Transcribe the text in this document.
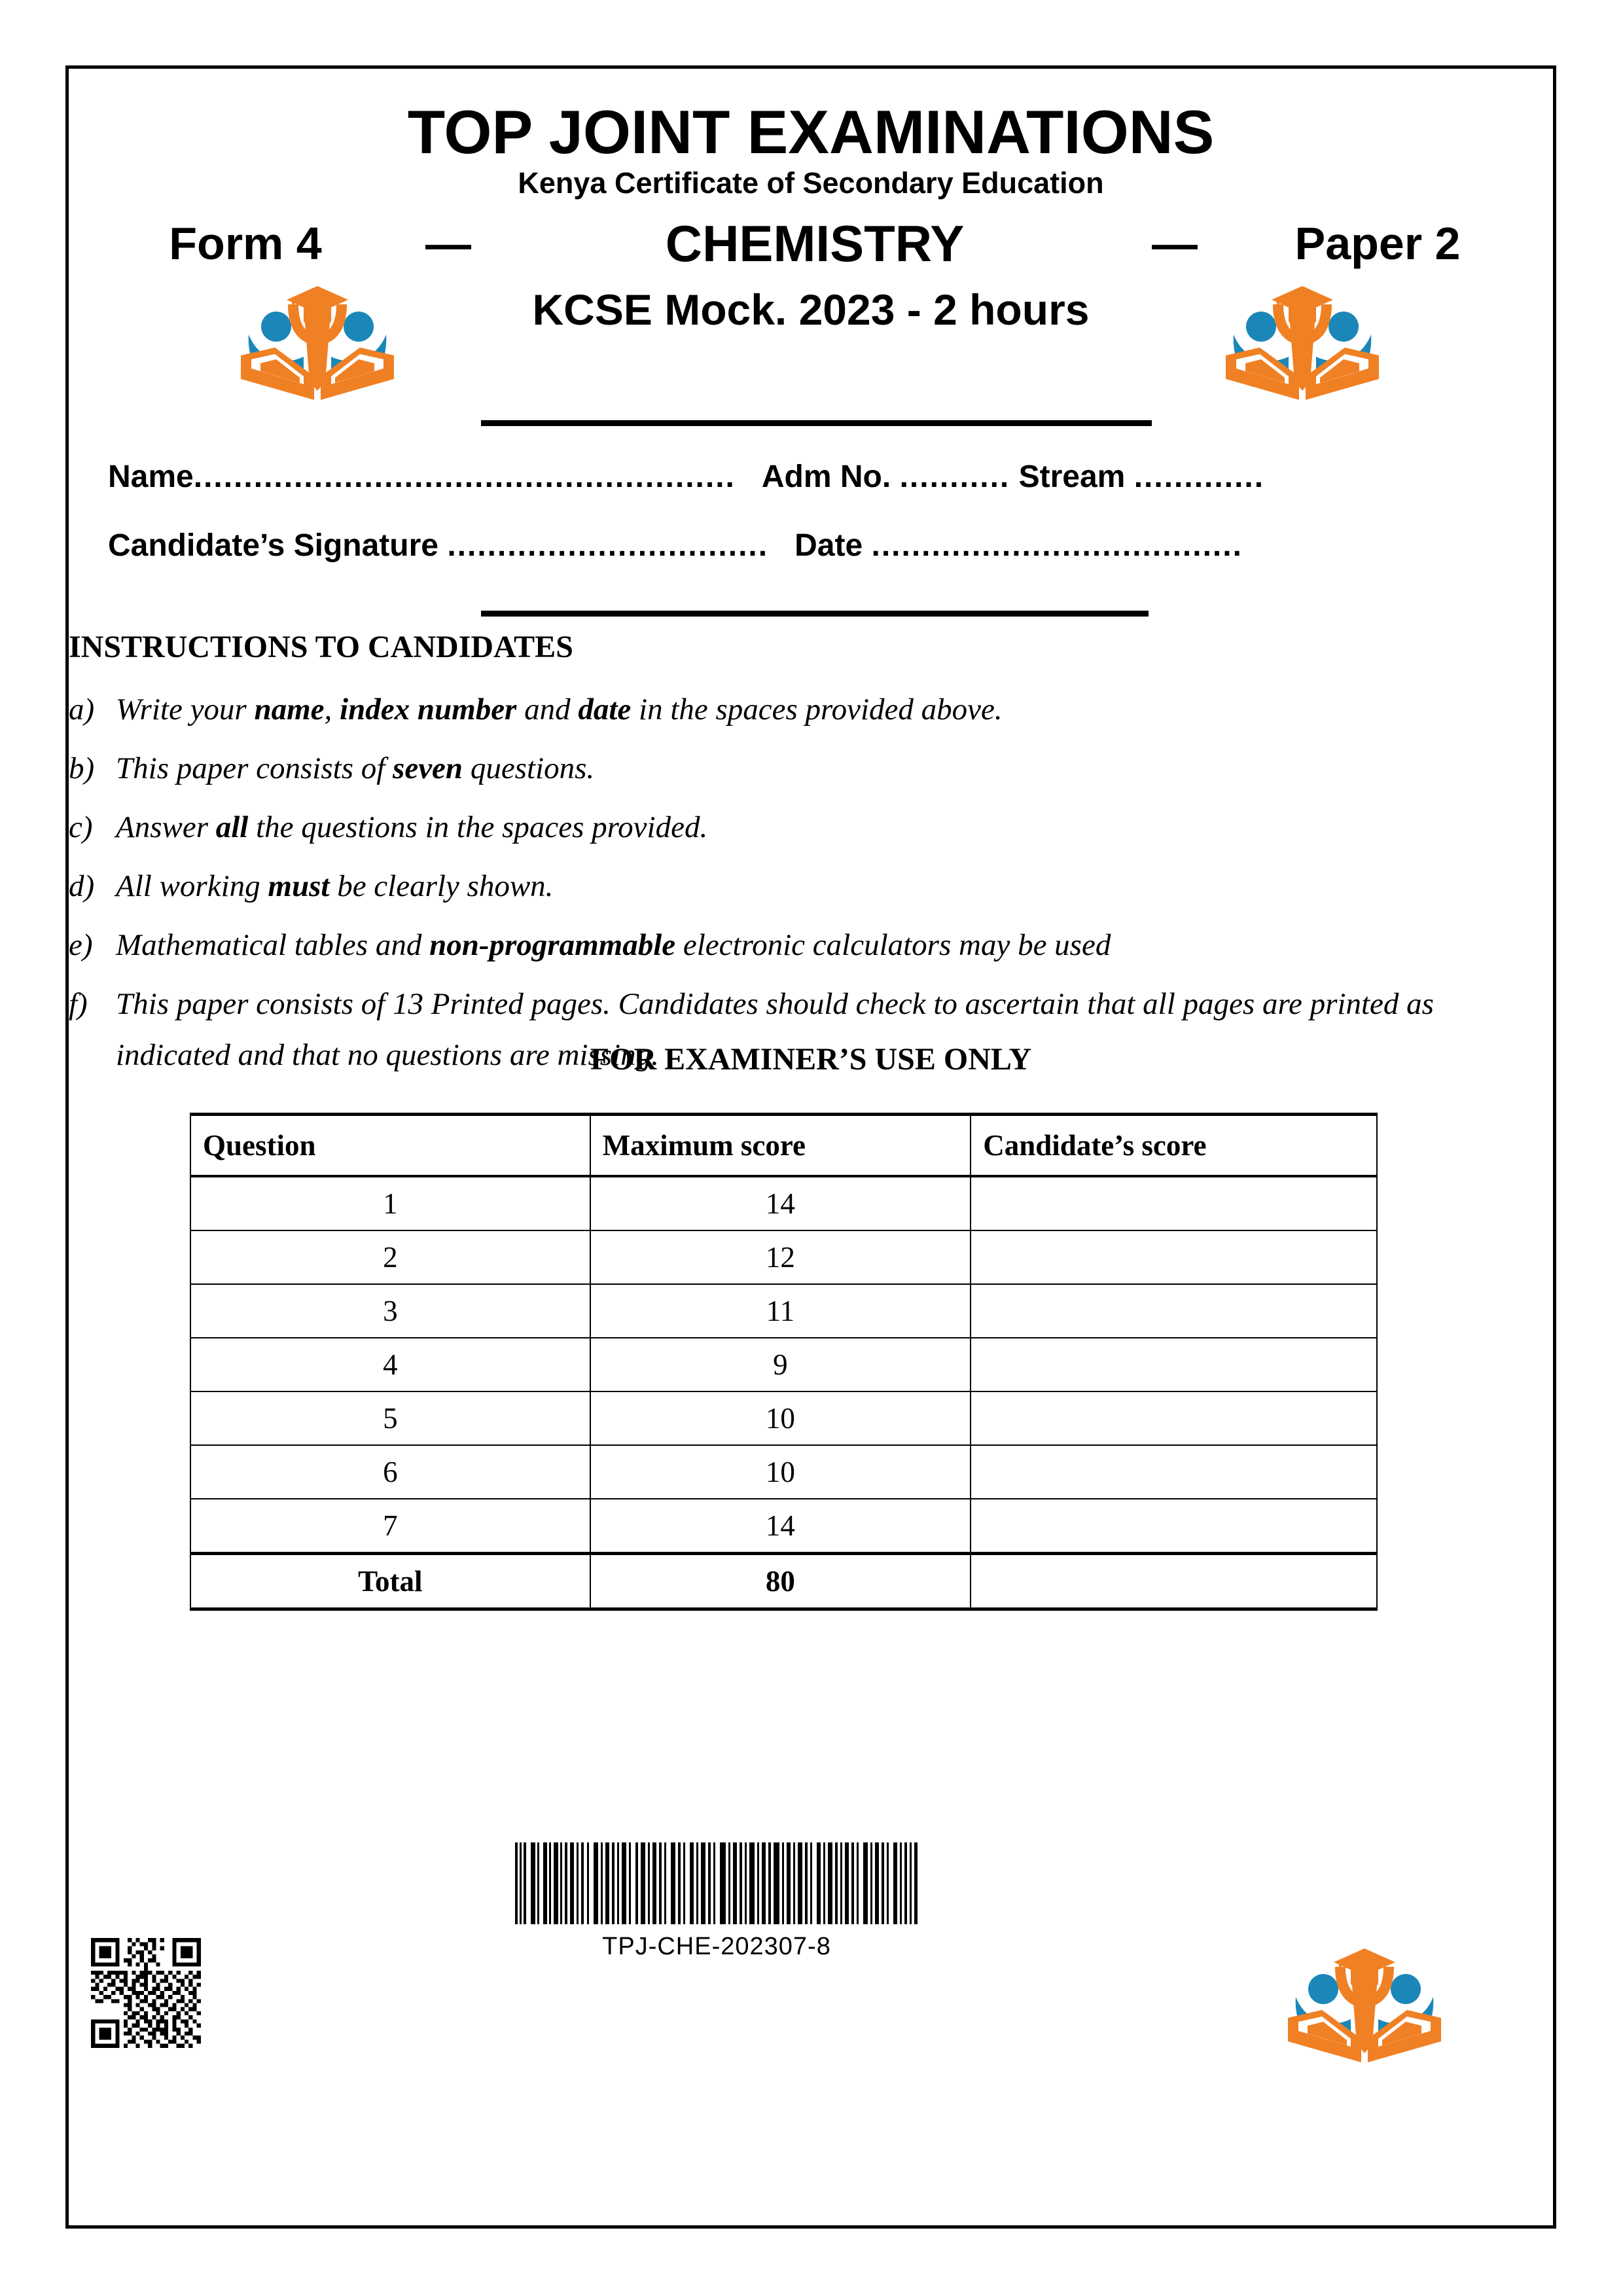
TOP JOINT EXAMINATIONS
Kenya Certificate of Secondary Education
Form 4	—	CHEMISTRY	—	Paper 2
KCSE Mock. 2023 - 2 hours
Name...................................................... Adm No. ........... Stream .............
Candidate’s Signature ................................ Date .....................................
INSTRUCTIONS TO CANDIDATES
a) Write your name, index number and date in the spaces provided above.
b) This paper consists of seven questions.
c) Answer all the questions in the spaces provided.
d) All working must be clearly shown.
e) Mathematical tables and non-programmable electronic calculators may be used
f) This paper consists of 13 Printed pages. Candidates should check to ascertain that all pages are printed as indicated and that no questions are missing.
FOR EXAMINER’S USE ONLY
Question	Maximum score	Candidate’s score
1	14	
2	12	
3	11	
4	9	
5	10	
6	10	
7	14	
Total	80	
TPJ-CHE-202307-8
